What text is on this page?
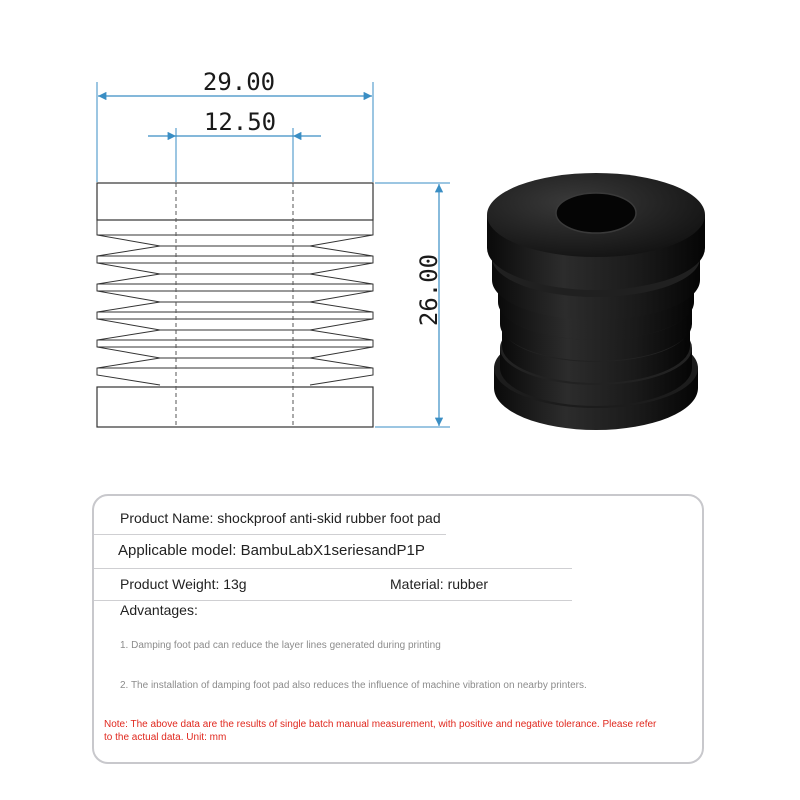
29.00
12.50
26.00
Product Name: shockproof anti-skid rubber foot pad
Applicable model: BambuLabX1seriesandP1P
Product Weight: 13g	Material: rubber
Advantages:
1. Damping foot pad can reduce the layer lines generated during printing
2. The installation of damping foot pad also reduces the influence of machine vibration on nearby printers.
Note: The above data are the results of single batch manual measurement, with positive and negative tolerance. Please refer to the actual data. Unit: mm
